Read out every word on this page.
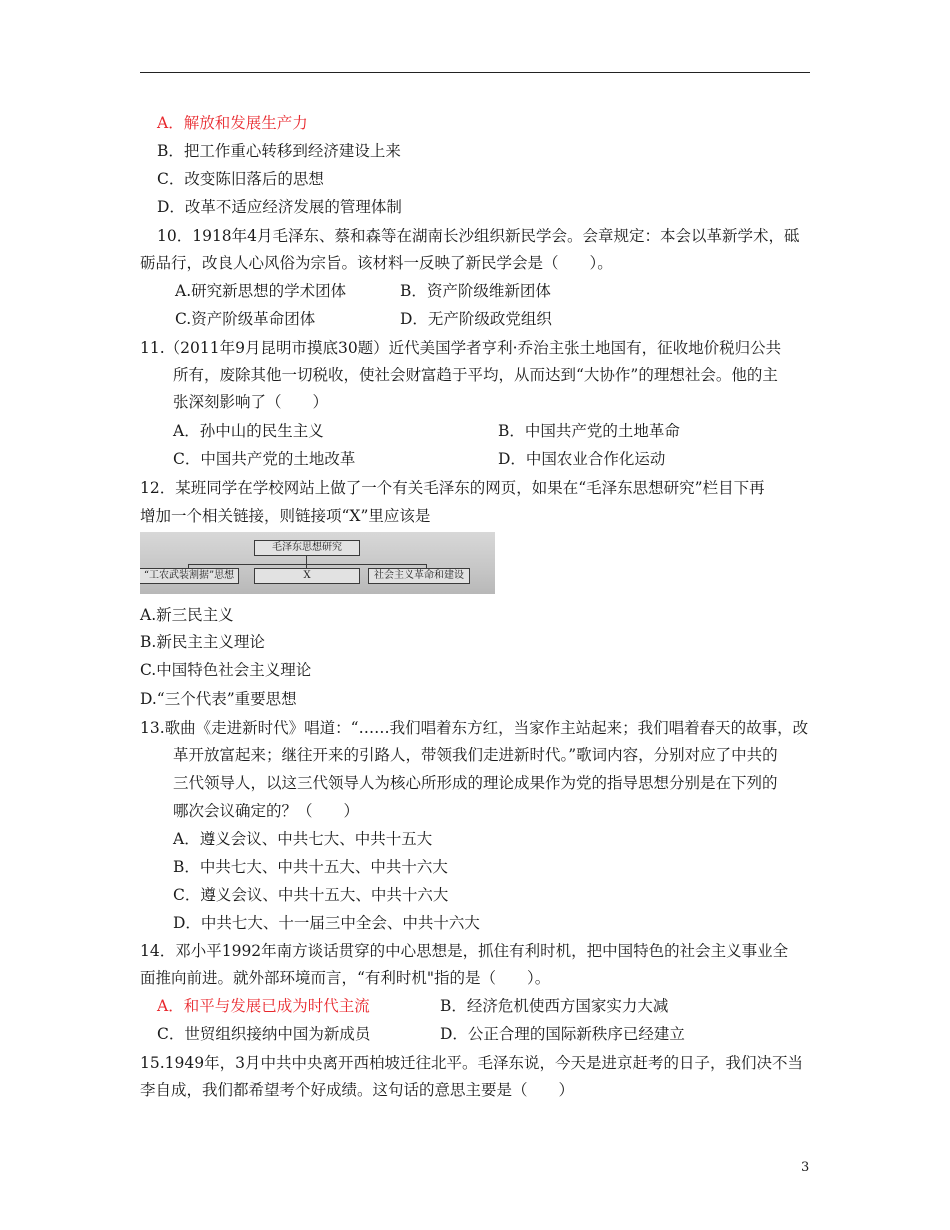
A．解放和发展生产力
B．把工作重心转移到经济建设上来
C．改变陈旧落后的思想
D．改革不适应经济发展的管理体制
10．1918年4月毛泽东、蔡和森等在湖南长沙组织新民学会。会章规定：本会以革新学术，砥
砺品行，改良人心风俗为宗旨。该材料一反映了新民学会是（　　）。
A.研究新思想的学术团体	B．资产阶级维新团体
C.资产阶级革命团体	D．无产阶级政党组织
11.（2011年9月昆明市摸底30题）近代美国学者亨利·乔治主张土地国有，征收地价税归公共
所有，废除其他一切税收，使社会财富趋于平均，从而达到“大协作”的理想社会。他的主
张深刻影响了（　　）
A．孙中山的民生主义	B．中国共产党的土地革命
C．中国共产党的土地改革	D．中国农业合作化运动
12．某班同学在学校网站上做了一个有关毛泽东的网页，如果在“毛泽东思想研究”栏目下再
增加一个相关链接，则链接项“X”里应该是
毛泽东思想研究
“工农武装割据”思想	X	社会主义革命和建设
A.新三民主义
B.新民主主义理论
C.中国特色社会主义理论
D.“三个代表”重要思想
13.歌曲《走进新时代》唱道：“……我们唱着东方红，当家作主站起来；我们唱着春天的故事，改
革开放富起来；继往开来的引路人，带领我们走进新时代。”歌词内容，分别对应了中共的
三代领导人，以这三代领导人为核心所形成的理论成果作为党的指导思想分别是在下列的
哪次会议确定的？（　　）
A．遵义会议、中共七大、中共十五大
B．中共七大、中共十五大、中共十六大
C．遵义会议、中共十五大、中共十六大
D．中共七大、十一届三中全会、中共十六大
14．邓小平1992年南方谈话贯穿的中心思想是，抓住有利时机，把中国特色的社会主义事业全
面推向前进。就外部环境而言，“有利时机"指的是（　　）。
A．和平与发展已成为时代主流	B．经济危机使西方国家实力大减
C．世贸组织接纳中国为新成员	D．公正合理的国际新秩序已经建立
15.1949年，3月中共中央离开西柏坡迁往北平。毛泽东说，今天是进京赶考的日子，我们决不当
李自成，我们都希望考个好成绩。这句话的意思主要是（　　）
3
